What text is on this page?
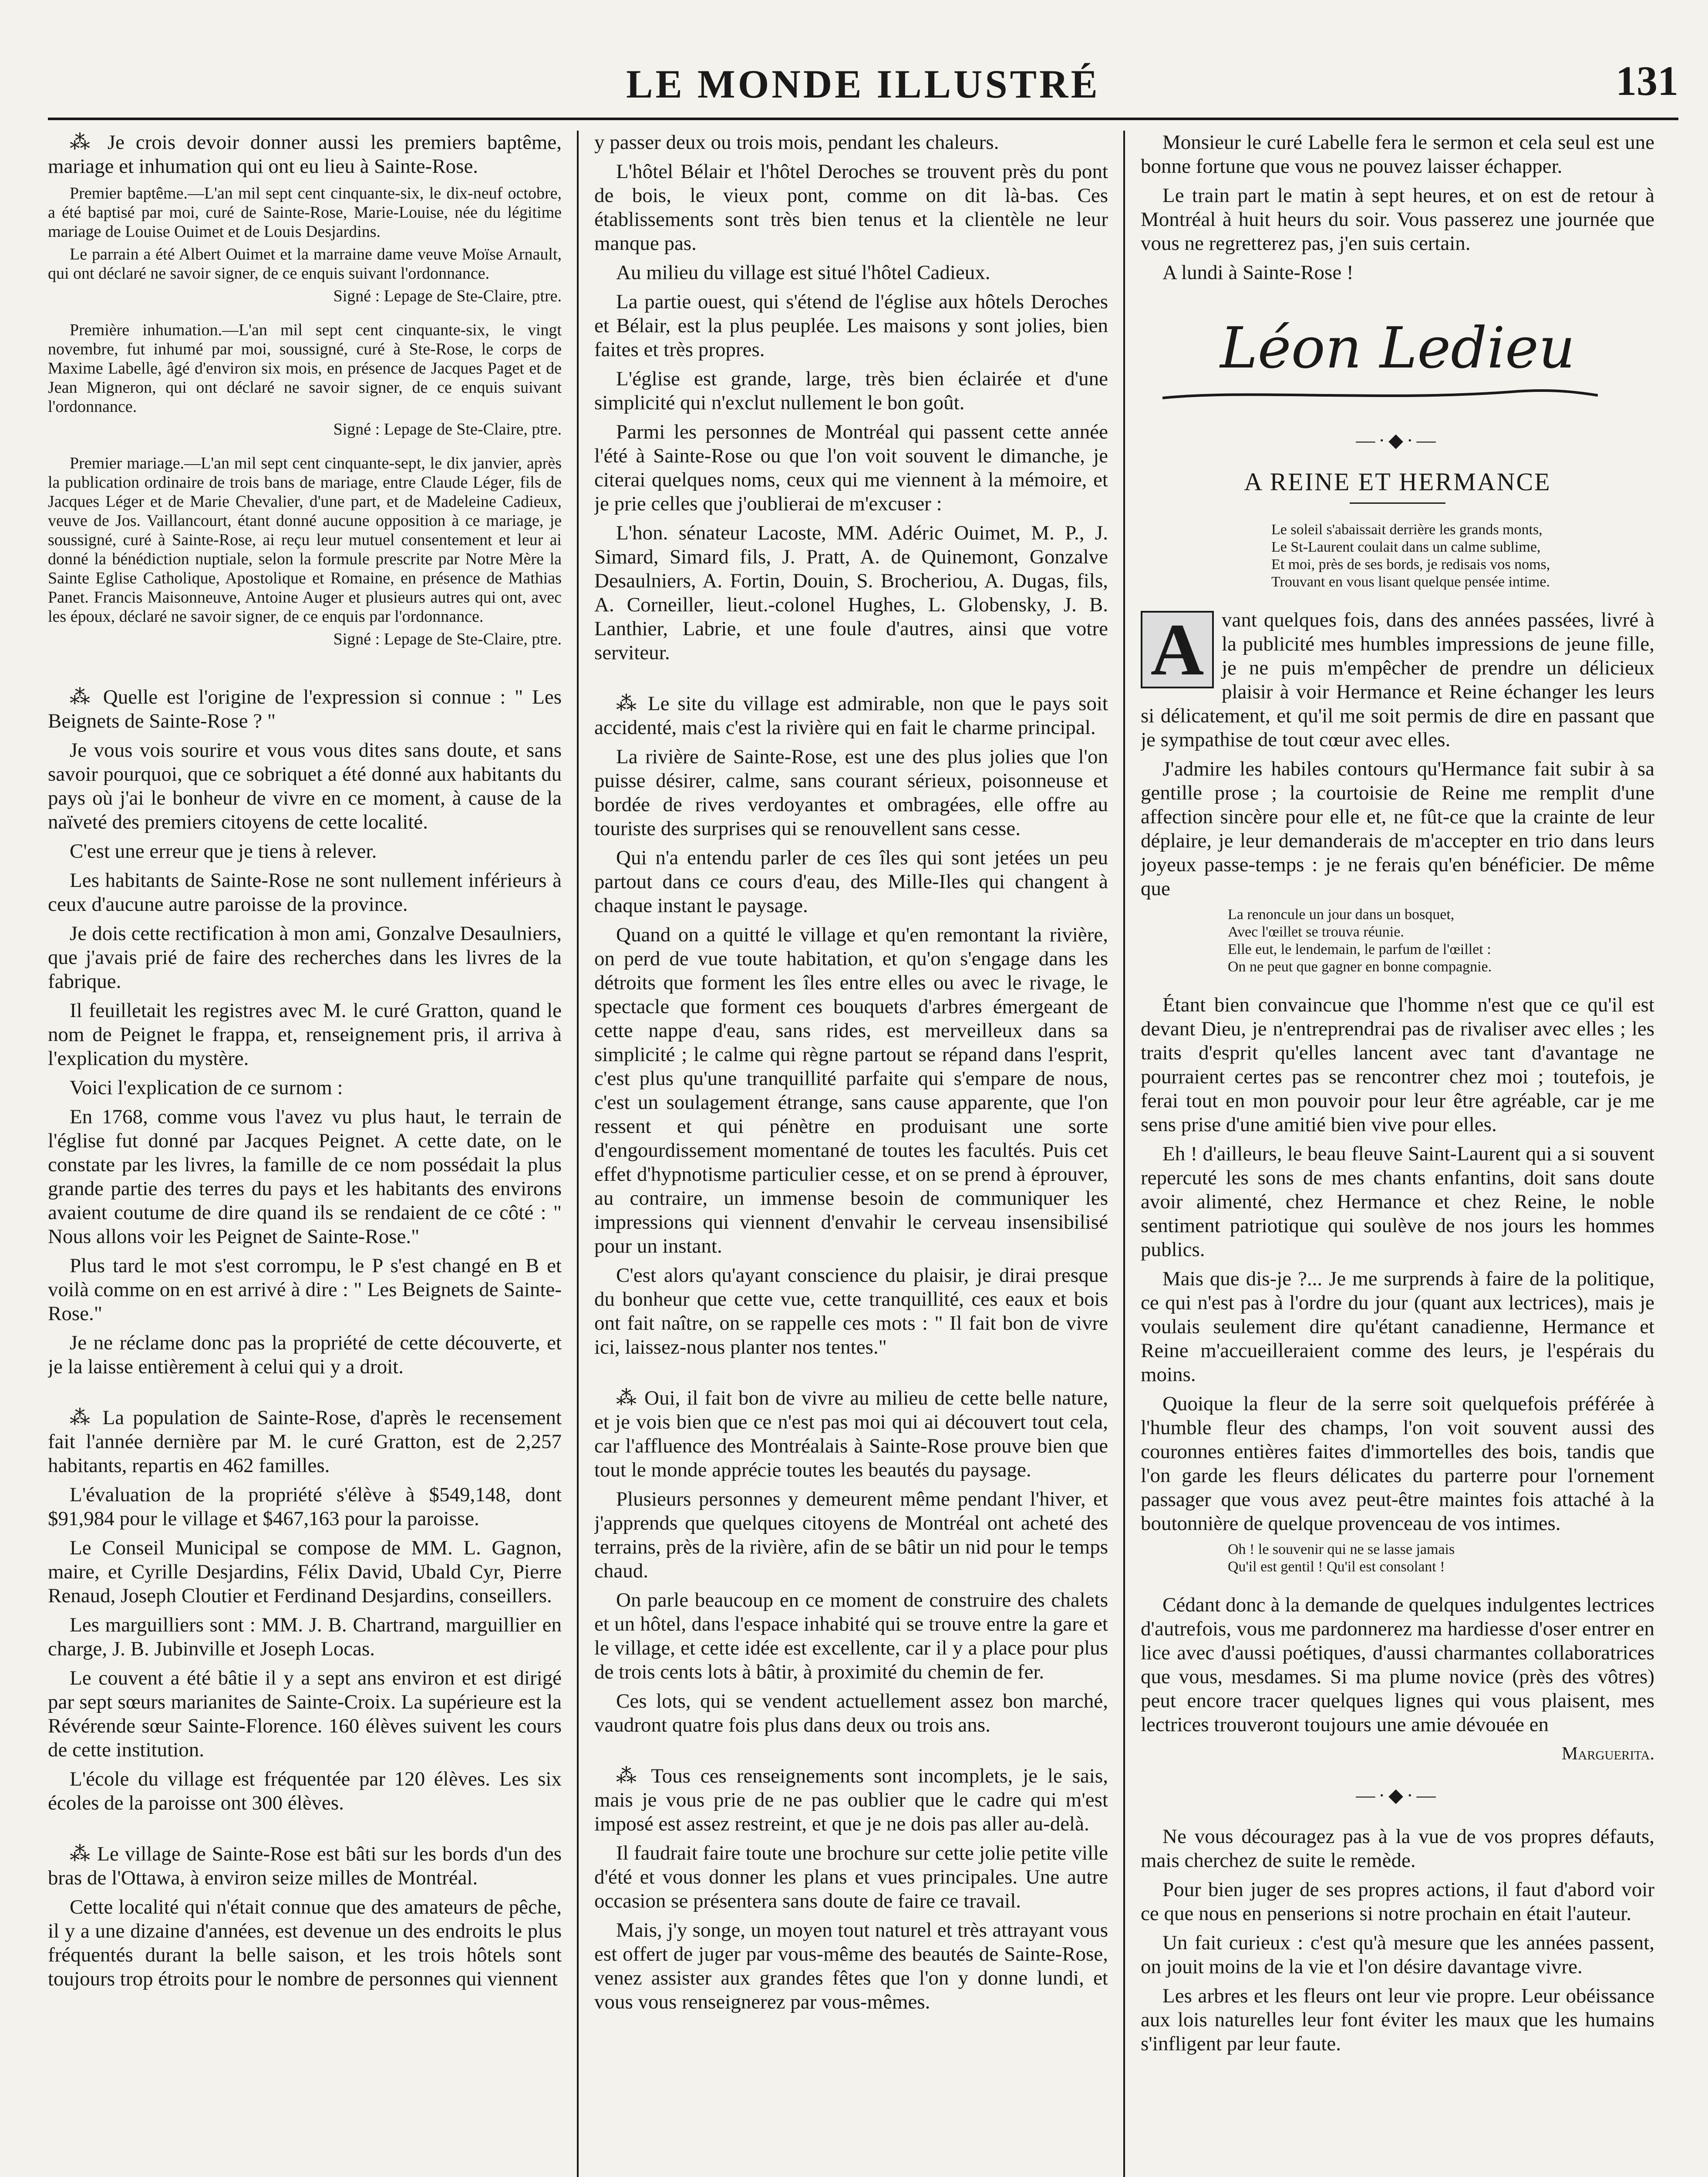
LE MONDE ILLUSTRÉ	131

⁂ Je crois devoir donner aussi les premiers baptême, mariage et inhumation qui ont eu lieu à Sainte-Rose.

Premier baptême.—L'an mil sept cent cinquante-six, le dix-neuf octobre, a été baptisé par moi, curé de Sainte-Rose, Marie-Louise, née du légitime mariage de Louise Ouimet et de Louis Desjardins.

Le parrain a été Albert Ouimet et la marraine dame veuve Moïse Arnault, qui ont déclaré ne savoir signer, de ce enquis suivant l'ordonnance.

Signé : Lepage de Ste-Claire, ptre.

Première inhumation.—L'an mil sept cent cinquante-six, le vingt novembre, fut inhumé par moi, soussigné, curé à Ste-Rose, le corps de Maxime Labelle, âgé d'environ six mois, en présence de Jacques Paget et de Jean Migneron, qui ont déclaré ne savoir signer, de ce enquis suivant l'ordonnance.

Signé : Lepage de Ste-Claire, ptre.

Premier mariage.—L'an mil sept cent cinquante-sept, le dix janvier, après la publication ordinaire de trois bans de mariage, entre Claude Léger, fils de Jacques Léger et de Marie Chevalier, d'une part, et de Madeleine Cadieux, veuve de Jos. Vaillancourt, étant donné aucune opposition à ce mariage, je soussigné, curé à Sainte-Rose, ai reçu leur mutuel consentement et leur ai donné la bénédiction nuptiale, selon la formule prescrite par Notre Mère la Sainte Eglise Catholique, Apostolique et Romaine, en présence de Mathias Panet. Francis Maisonneuve, Antoine Auger et plusieurs autres qui ont, avec les époux, déclaré ne savoir signer, de ce enquis par l'ordonnance.

Signé : Lepage de Ste-Claire, ptre.

⁂ Quelle est l'origine de l'expression si connue : " Les Beignets de Sainte-Rose ? "

Je vous vois sourire et vous vous dites sans doute, et sans savoir pourquoi, que ce sobriquet a été donné aux habitants du pays où j'ai le bonheur de vivre en ce moment, à cause de la naïveté des premiers citoyens de cette localité.

C'est une erreur que je tiens à relever.

Les habitants de Sainte-Rose ne sont nullement inférieurs à ceux d'aucune autre paroisse de la province.

Je dois cette rectification à mon ami, Gonzalve Desaulniers, que j'avais prié de faire des recherches dans les livres de la fabrique.

Il feuilletait les registres avec M. le curé Gratton, quand le nom de Peignet le frappa, et, renseignement pris, il arriva à l'explication du mystère.

Voici l'explication de ce surnom :

En 1768, comme vous l'avez vu plus haut, le terrain de l'église fut donné par Jacques Peignet. A cette date, on le constate par les livres, la famille de ce nom possédait la plus grande partie des terres du pays et les habitants des environs avaient coutume de dire quand ils se rendaient de ce côté : " Nous allons voir les Peignet de Sainte-Rose."

Plus tard le mot s'est corrompu, le P s'est changé en B et voilà comme on en est arrivé à dire : " Les Beignets de Sainte-Rose."

Je ne réclame donc pas la propriété de cette découverte, et je la laisse entièrement à celui qui y a droit.

⁂ La population de Sainte-Rose, d'après le recensement fait l'année dernière par M. le curé Gratton, est de 2,257 habitants, repartis en 462 familles.

L'évaluation de la propriété s'élève à $549,148, dont $91,984 pour le village et $467,163 pour la paroisse.

Le Conseil Municipal se compose de MM. L. Gagnon, maire, et Cyrille Desjardins, Félix David, Ubald Cyr, Pierre Renaud, Joseph Cloutier et Ferdinand Desjardins, conseillers.

Les marguilliers sont : MM. J. B. Chartrand, marguillier en charge, J. B. Jubinville et Joseph Locas.

Le couvent a été bâtie il y a sept ans environ et est dirigé par sept sœurs marianites de Sainte-Croix. La supérieure est la Révérende sœur Sainte-Florence. 160 élèves suivent les cours de cette institution.

L'école du village est fréquentée par 120 élèves. Les six écoles de la paroisse ont 300 élèves.

⁂ Le village de Sainte-Rose est bâti sur les bords d'un des bras de l'Ottawa, à environ seize milles de Montréal.

Cette localité qui n'était connue que des amateurs de pêche, il y a une dizaine d'années, est devenue un des endroits le plus fréquentés durant la belle saison, et les trois hôtels sont toujours trop étroits pour le nombre de personnes qui viennent

y passer deux ou trois mois, pendant les chaleurs.

L'hôtel Bélair et l'hôtel Deroches se trouvent près du pont de bois, le vieux pont, comme on dit là-bas. Ces établissements sont très bien tenus et la clientèle ne leur manque pas.

Au milieu du village est situé l'hôtel Cadieux.

La partie ouest, qui s'étend de l'église aux hôtels Deroches et Bélair, est la plus peuplée. Les maisons y sont jolies, bien faites et très propres.

L'église est grande, large, très bien éclairée et d'une simplicité qui n'exclut nullement le bon goût.

Parmi les personnes de Montréal qui passent cette année l'été à Sainte-Rose ou que l'on voit souvent le dimanche, je citerai quelques noms, ceux qui me viennent à la mémoire, et je prie celles que j'oublierai de m'excuser :

L'hon. sénateur Lacoste, MM. Adéric Ouimet, M. P., J. Simard, Simard fils, J. Pratt, A. de Quinemont, Gonzalve Desaulniers, A. Fortin, Douin, S. Brocheriou, A. Dugas, fils, A. Corneiller, lieut.-colonel Hughes, L. Globensky, J. B. Lanthier, Labrie, et une foule d'autres, ainsi que votre serviteur.

⁂ Le site du village est admirable, non que le pays soit accidenté, mais c'est la rivière qui en fait le charme principal.

La rivière de Sainte-Rose, est une des plus jolies que l'on puisse désirer, calme, sans courant sérieux, poisonneuse et bordée de rives verdoyantes et ombragées, elle offre au touriste des surprises qui se renouvellent sans cesse.

Qui n'a entendu parler de ces îles qui sont jetées un peu partout dans ce cours d'eau, des Mille-Iles qui changent à chaque instant le paysage.

Quand on a quitté le village et qu'en remontant la rivière, on perd de vue toute habitation, et qu'on s'engage dans les détroits que forment les îles entre elles ou avec le rivage, le spectacle que forment ces bouquets d'arbres émergeant de cette nappe d'eau, sans rides, est merveilleux dans sa simplicité ; le calme qui règne partout se répand dans l'esprit, c'est plus qu'une tranquillité parfaite qui s'empare de nous, c'est un soulagement étrange, sans cause apparente, que l'on ressent et qui pénètre en produisant une sorte d'engourdissement momentané de toutes les facultés. Puis cet effet d'hypnotisme particulier cesse, et on se prend à éprouver, au contraire, un immense besoin de communiquer les impressions qui viennent d'envahir le cerveau insensibilisé pour un instant.

C'est alors qu'ayant conscience du plaisir, je dirai presque du bonheur que cette vue, cette tranquillité, ces eaux et bois ont fait naître, on se rappelle ces mots : " Il fait bon de vivre ici, laissez-nous planter nos tentes."

⁂ Oui, il fait bon de vivre au milieu de cette belle nature, et je vois bien que ce n'est pas moi qui ai découvert tout cela, car l'affluence des Montréalais à Sainte-Rose prouve bien que tout le monde apprécie toutes les beautés du paysage.

Plusieurs personnes y demeurent même pendant l'hiver, et j'apprends que quelques citoyens de Montréal ont acheté des terrains, près de la rivière, afin de se bâtir un nid pour le temps chaud.

On parle beaucoup en ce moment de construire des chalets et un hôtel, dans l'espace inhabité qui se trouve entre la gare et le village, et cette idée est excellente, car il y a place pour plus de trois cents lots à bâtir, à proximité du chemin de fer.

Ces lots, qui se vendent actuellement assez bon marché, vaudront quatre fois plus dans deux ou trois ans.

⁂ Tous ces renseignements sont incomplets, je le sais, mais je vous prie de ne pas oublier que le cadre qui m'est imposé est assez restreint, et que je ne dois pas aller au-delà.

Il faudrait faire toute une brochure sur cette jolie petite ville d'été et vous donner les plans et vues principales. Une autre occasion se présentera sans doute de faire ce travail.

Mais, j'y songe, un moyen tout naturel et très attrayant vous est offert de juger par vous-même des beautés de Sainte-Rose, venez assister aux grandes fêtes que l'on y donne lundi, et vous vous renseignerez par vous-mêmes.

Monsieur le curé Labelle fera le sermon et cela seul est une bonne fortune que vous ne pouvez laisser échapper.

Le train part le matin à sept heures, et on est de retour à Montréal à huit heurs du soir. Vous passerez une journée que vous ne regretterez pas, j'en suis certain.

A lundi à Sainte-Rose !

Léon Ledieu
—·◆·—
A REINE ET HERMANCE
Le soleil s'abaissait derrière les grands monts,
Le St-Laurent coulait dans un calme sublime,
Et moi, près de ses bords, je redisais vos noms,
Trouvant en vous lisant quelque pensée intime.

A vant quelques fois, dans des années passées, livré à la publicité mes humbles impressions de jeune fille, je ne puis m'empêcher de prendre un délicieux plaisir à voir Hermance et Reine échanger les leurs si délicatement, et qu'il me soit permis de dire en passant que je sympathise de tout cœur avec elles.

J'admire les habiles contours qu'Hermance fait subir à sa gentille prose ; la courtoisie de Reine me remplit d'une affection sincère pour elle et, ne fût-ce que la crainte de leur déplaire, je leur demanderais de m'accepter en trio dans leurs joyeux passe-temps : je ne ferais qu'en bénéficier. De même que

La renoncule un jour dans un bosquet,
Avec l'œillet se trouva réunie.
Elle eut, le lendemain, le parfum de l'œillet :
On ne peut que gagner en bonne compagnie.

Étant bien convaincue que l'homme n'est que ce qu'il est devant Dieu, je n'entreprendrai pas de rivaliser avec elles ; les traits d'esprit qu'elles lancent avec tant d'avantage ne pourraient certes pas se rencontrer chez moi ; toutefois, je ferai tout en mon pouvoir pour leur être agréable, car je me sens prise d'une amitié bien vive pour elles.

Eh ! d'ailleurs, le beau fleuve Saint-Laurent qui a si souvent repercuté les sons de mes chants enfantins, doit sans doute avoir alimenté, chez Hermance et chez Reine, le noble sentiment patriotique qui soulève de nos jours les hommes publics.

Mais que dis-je ?... Je me surprends à faire de la politique, ce qui n'est pas à l'ordre du jour (quant aux lectrices), mais je voulais seulement dire qu'étant canadienne, Hermance et Reine m'accueilleraient comme des leurs, je l'espérais du moins.

Quoique la fleur de la serre soit quelquefois préférée à l'humble fleur des champs, l'on voit souvent aussi des couronnes entières faites d'immortelles des bois, tandis que l'on garde les fleurs délicates du parterre pour l'ornement passager que vous avez peut-être maintes fois attaché à la boutonnière de quelque provenceau de vos intimes.

Oh ! le souvenir qui ne se lasse jamais
Qu'il est gentil ! Qu'il est consolant !

Cédant donc à la demande de quelques indulgentes lectrices d'autrefois, vous me pardonnerez ma hardiesse d'oser entrer en lice avec d'aussi poétiques, d'aussi charmantes collaboratrices que vous, mesdames. Si ma plume novice (près des vôtres) peut encore tracer quelques lignes qui vous plaisent, mes lectrices trouveront toujours une amie dévouée en

Marguerita.

—·◆·—

Ne vous découragez pas à la vue de vos propres défauts, mais cherchez de suite le remède.

Pour bien juger de ses propres actions, il faut d'abord voir ce que nous en penserions si notre prochain en était l'auteur.

Un fait curieux : c'est qu'à mesure que les années passent, on jouit moins de la vie et l'on désire davantage vivre.

Les arbres et les fleurs ont leur vie propre. Leur obéissance aux lois naturelles leur font éviter les maux que les humains s'infligent par leur faute.
